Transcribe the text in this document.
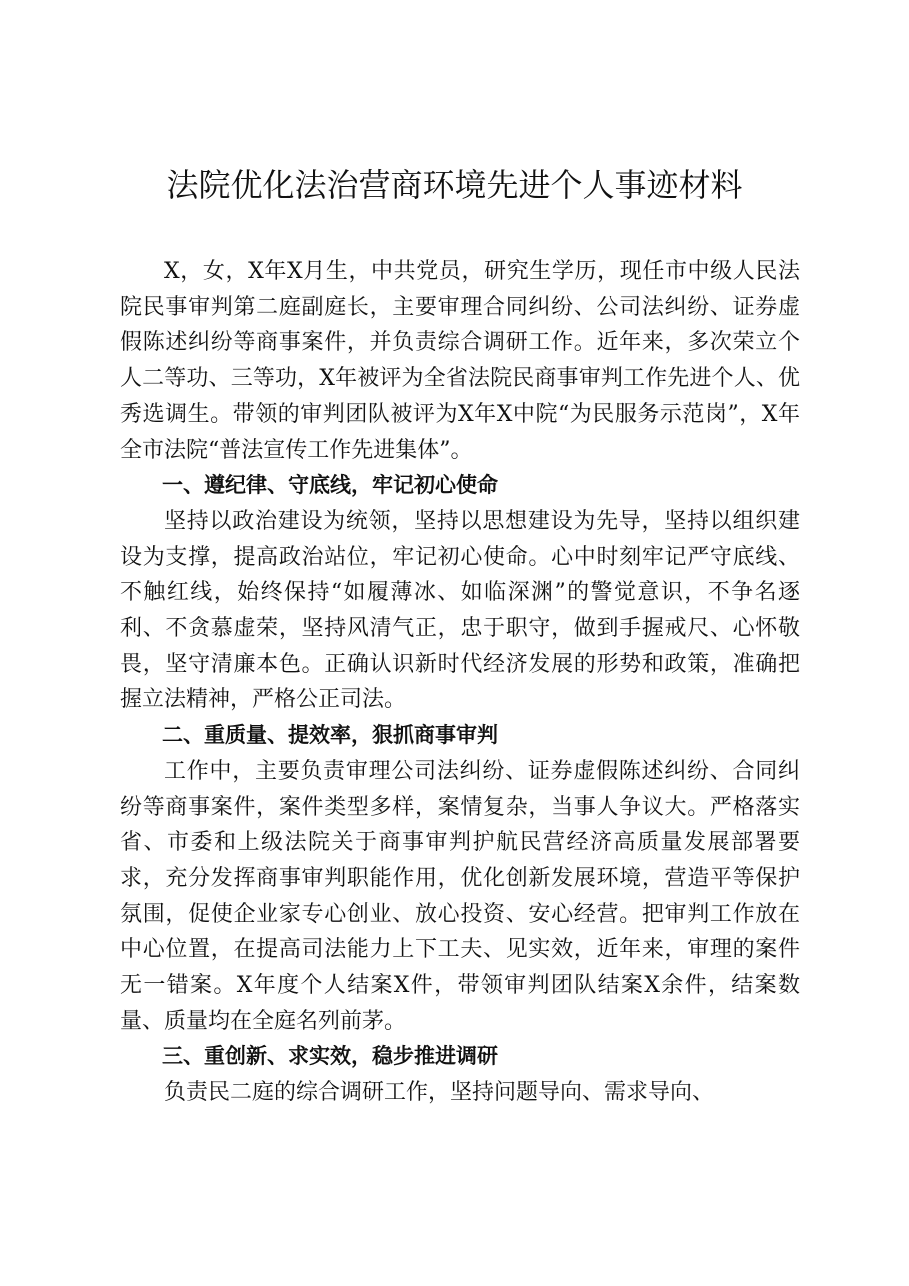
法院优化法治营商环境先进个人事迹材料

X，女，X年X月生，中共党员，研究生学历，现任市中级人民法院民事审判第二庭副庭长，主要审理合同纠纷、公司法纠纷、证券虚假陈述纠纷等商事案件，并负责综合调研工作。近年来，多次荣立个人二等功、三等功，X年被评为全省法院民商事审判工作先进个人、优秀选调生。带领的审判团队被评为X年X中院“为民服务示范岗”，X年全市法院“普法宣传工作先进集体”。

一、遵纪律、守底线，牢记初心使命

坚持以政治建设为统领，坚持以思想建设为先导，坚持以组织建设为支撑，提高政治站位，牢记初心使命。心中时刻牢记严守底线、不触红线，始终保持“如履薄冰、如临深渊”的警觉意识，不争名逐利、不贪慕虚荣，坚持风清气正，忠于职守，做到手握戒尺、心怀敬畏，坚守清廉本色。正确认识新时代经济发展的形势和政策，准确把握立法精神，严格公正司法。

二、重质量、提效率，狠抓商事审判

工作中，主要负责审理公司法纠纷、证券虚假陈述纠纷、合同纠纷等商事案件，案件类型多样，案情复杂，当事人争议大。严格落实省、市委和上级法院关于商事审判护航民营经济高质量发展部署要求，充分发挥商事审判职能作用，优化创新发展环境，营造平等保护氛围，促使企业家专心创业、放心投资、安心经营。把审判工作放在中心位置，在提高司法能力上下工夫、见实效，近年来，审理的案件无一错案。X年度个人结案X件，带领审判团队结案X余件，结案数量、质量均在全庭名列前茅。

三、重创新、求实效，稳步推进调研

负责民二庭的综合调研工作，坚持问题导向、需求导向、
